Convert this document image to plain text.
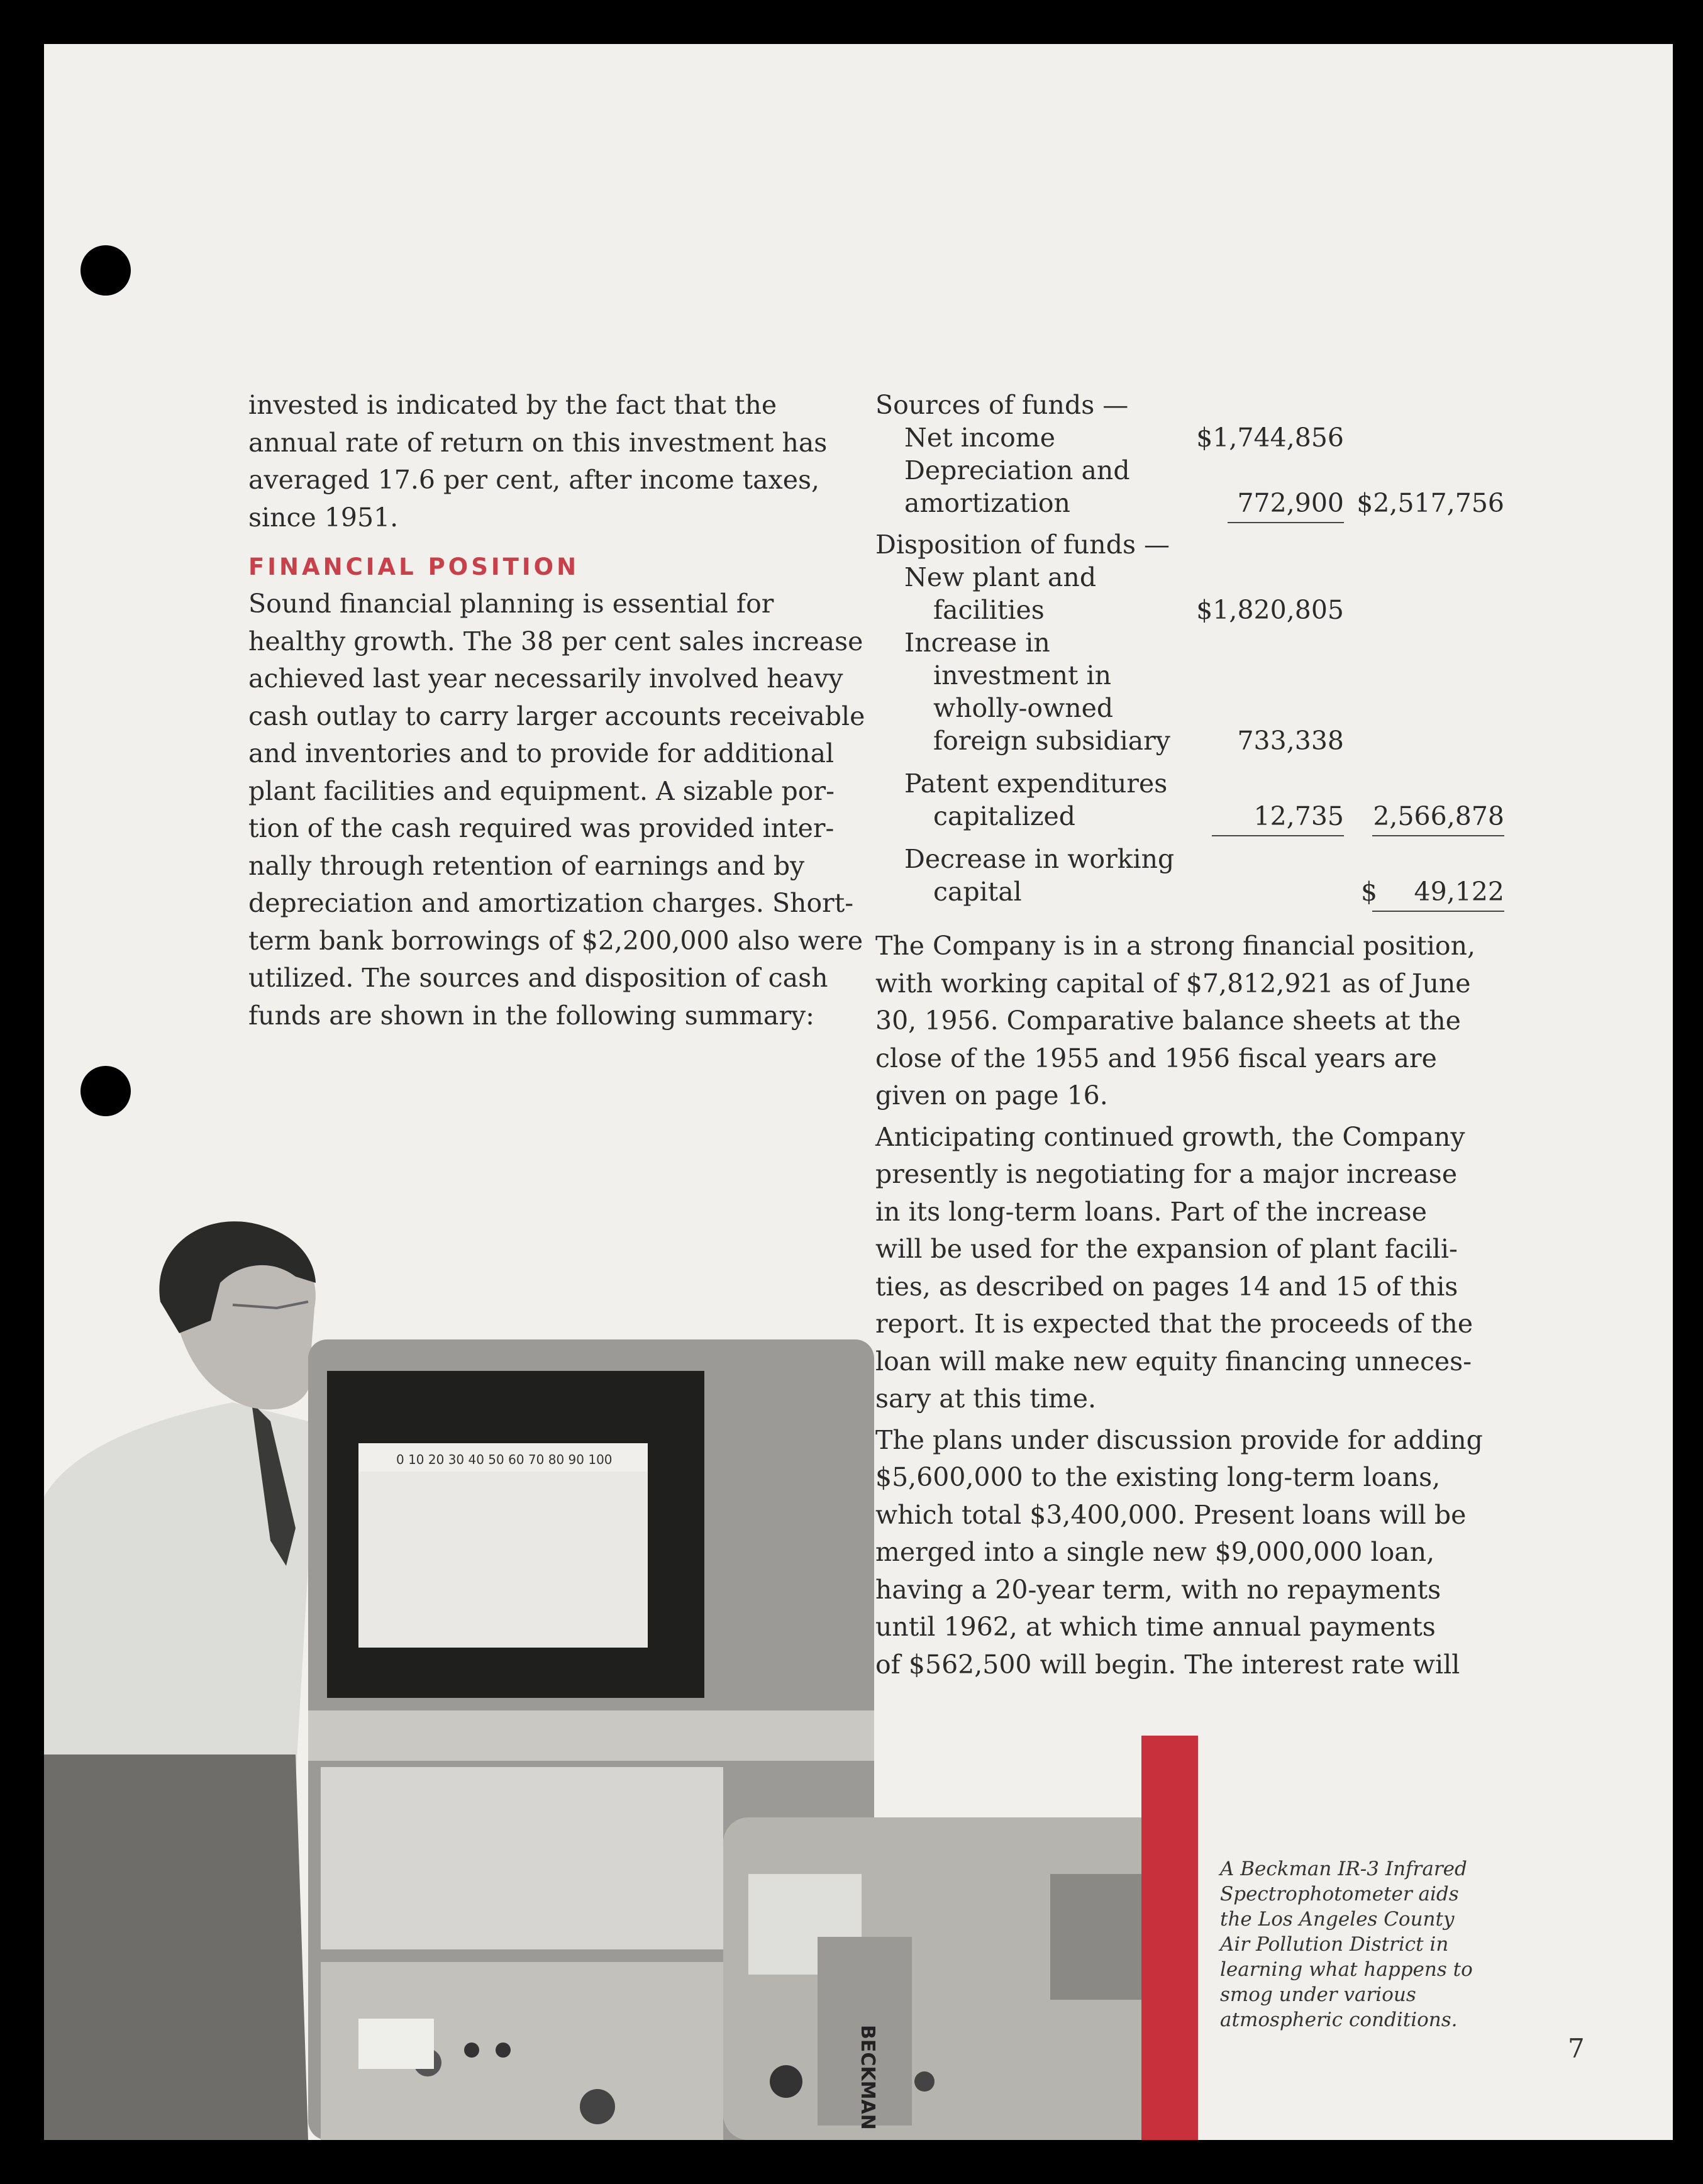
invested is indicated by the fact that the
annual rate of return on this investment has
averaged 17.6 per cent, after income taxes,
since 1951.

FINANCIAL POSITION

Sound financial planning is essential for
healthy growth. The 38 per cent sales increase
achieved last year necessarily involved heavy
cash outlay to carry larger accounts receivable
and inventories and to provide for additional
plant facilities and equipment. A sizable por-
tion of the cash required was provided inter-
nally through retention of earnings and by
depreciation and amortization charges. Short-
term bank borrowings of $2,200,000 also were
utilized. The sources and disposition of cash
funds are shown in the following summary:

Sources of funds —
Net income	$1,744,856
Depreciation and
amortization	772,900 $2,517,756
Disposition of funds —
New plant and
facilities	$1,820,805
Increase in
investment in
wholly-owned
foreign subsidiary	733,338
Patent expenditures
capitalized	12,735 2,566,878
Decrease in working
capital	$ 49,122

The Company is in a strong financial position,
with working capital of $7,812,921 as of June
30, 1956. Comparative balance sheets at the
close of the 1955 and 1956 fiscal years are
given on page 16.

Anticipating continued growth, the Company
presently is negotiating for a major increase
in its long-term loans. Part of the increase
will be used for the expansion of plant facili-
ties, as described on pages 14 and 15 of this
report. It is expected that the proceeds of the
loan will make new equity financing unneces-
sary at this time.

The plans under discussion provide for adding
$5,600,000 to the existing long-term loans,
which total $3,400,000. Present loans will be
merged into a single new $9,000,000 loan,
having a 20-year term, with no repayments
until 1962, at which time annual payments
of $562,500 will begin. The interest rate will

0 10 20 30 40 50 60 70 80 90 100
BECKMAN
A Beckman IR-3 Infrared
Spectrophotometer aids
the Los Angeles County
Air Pollution District in
learning what happens to
smog under various
atmospheric conditions.
7
